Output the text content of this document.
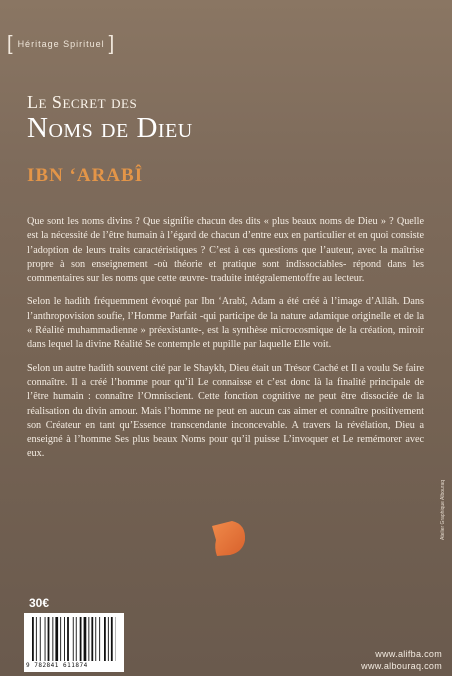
[ Héritage Spirituel ]
Le Secret des
Noms de Dieu
IBN ‘ARABÎ

Que sont les noms divins ? Que signifie chacun des dits « plus beaux noms de Dieu » ? Quelle est la nécessité de l’être humain à l’égard de chacun d’entre eux en particulier et en quoi consiste l’adoption de leurs traits caractéristiques ? C’est à ces questions que l’auteur, avec la maîtrise propre à son enseignement -où théorie et pratique sont indissociables- répond dans les commentaires sur les noms que cette œuvre- traduite intégralementoffre au lecteur.

Selon le hadith fréquemment évoqué par Ibn ‘Arabî, Adam a été créé à l’image d’Allâh. Dans l’anthropovision soufie, l’Homme Parfait -qui participe de la nature adamique originelle et de la « Réalité muhammadienne » préexistante-, est la synthèse microcosmique de la création, miroir dans lequel la divine Réalité Se contemple et pupille par laquelle Elle voit.

Selon un autre hadith souvent cité par le Shaykh, Dieu était un Trésor Caché et Il a voulu Se faire connaître. Il a créé l’homme pour qu’il Le connaisse et c’est donc là la finalité principale de l’être humain : connaître l’Omniscient. Cette fonction cognitive ne peut être dissociée de la réalisation du divin amour. Mais l’homme ne peut en aucun cas aimer et connaître positivement son Créateur en tant qu’Essence transcendante inconcevable. A travers la révélation, Dieu a enseigné à l’homme Ses plus beaux Noms pour qu’il puisse L’invoquer et Le remémorer avec eux.

30€
9 782841 611874
www.alifba.com
www.albouraq.com
Atelier Graphique Albouraq
